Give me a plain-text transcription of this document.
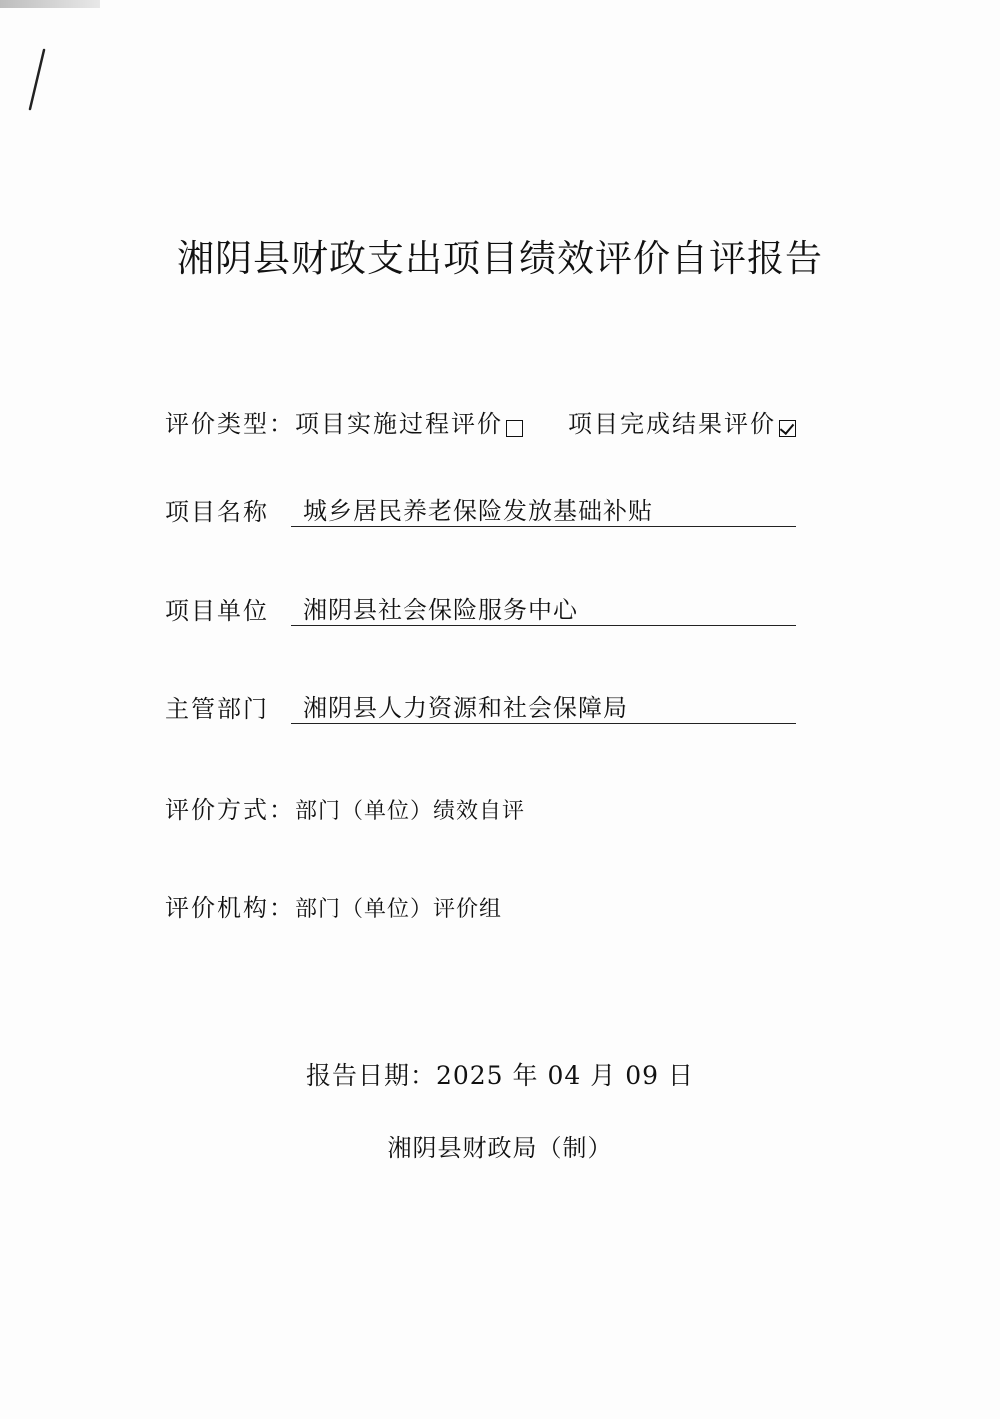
湘阴县财政支出项目绩效评价自评报告
评价类型： 项目实施过程评价	项目完成结果评价
项目名称	城乡居民养老保险发放基础补贴
项目单位	湘阴县社会保险服务中心
主管部门	湘阴县人力资源和社会保障局
评价方式： 部门（单位）绩效自评
评价机构： 部门（单位）评价组
报告日期：2025 年 04 月 09 日
湘阴县财政局（制）
